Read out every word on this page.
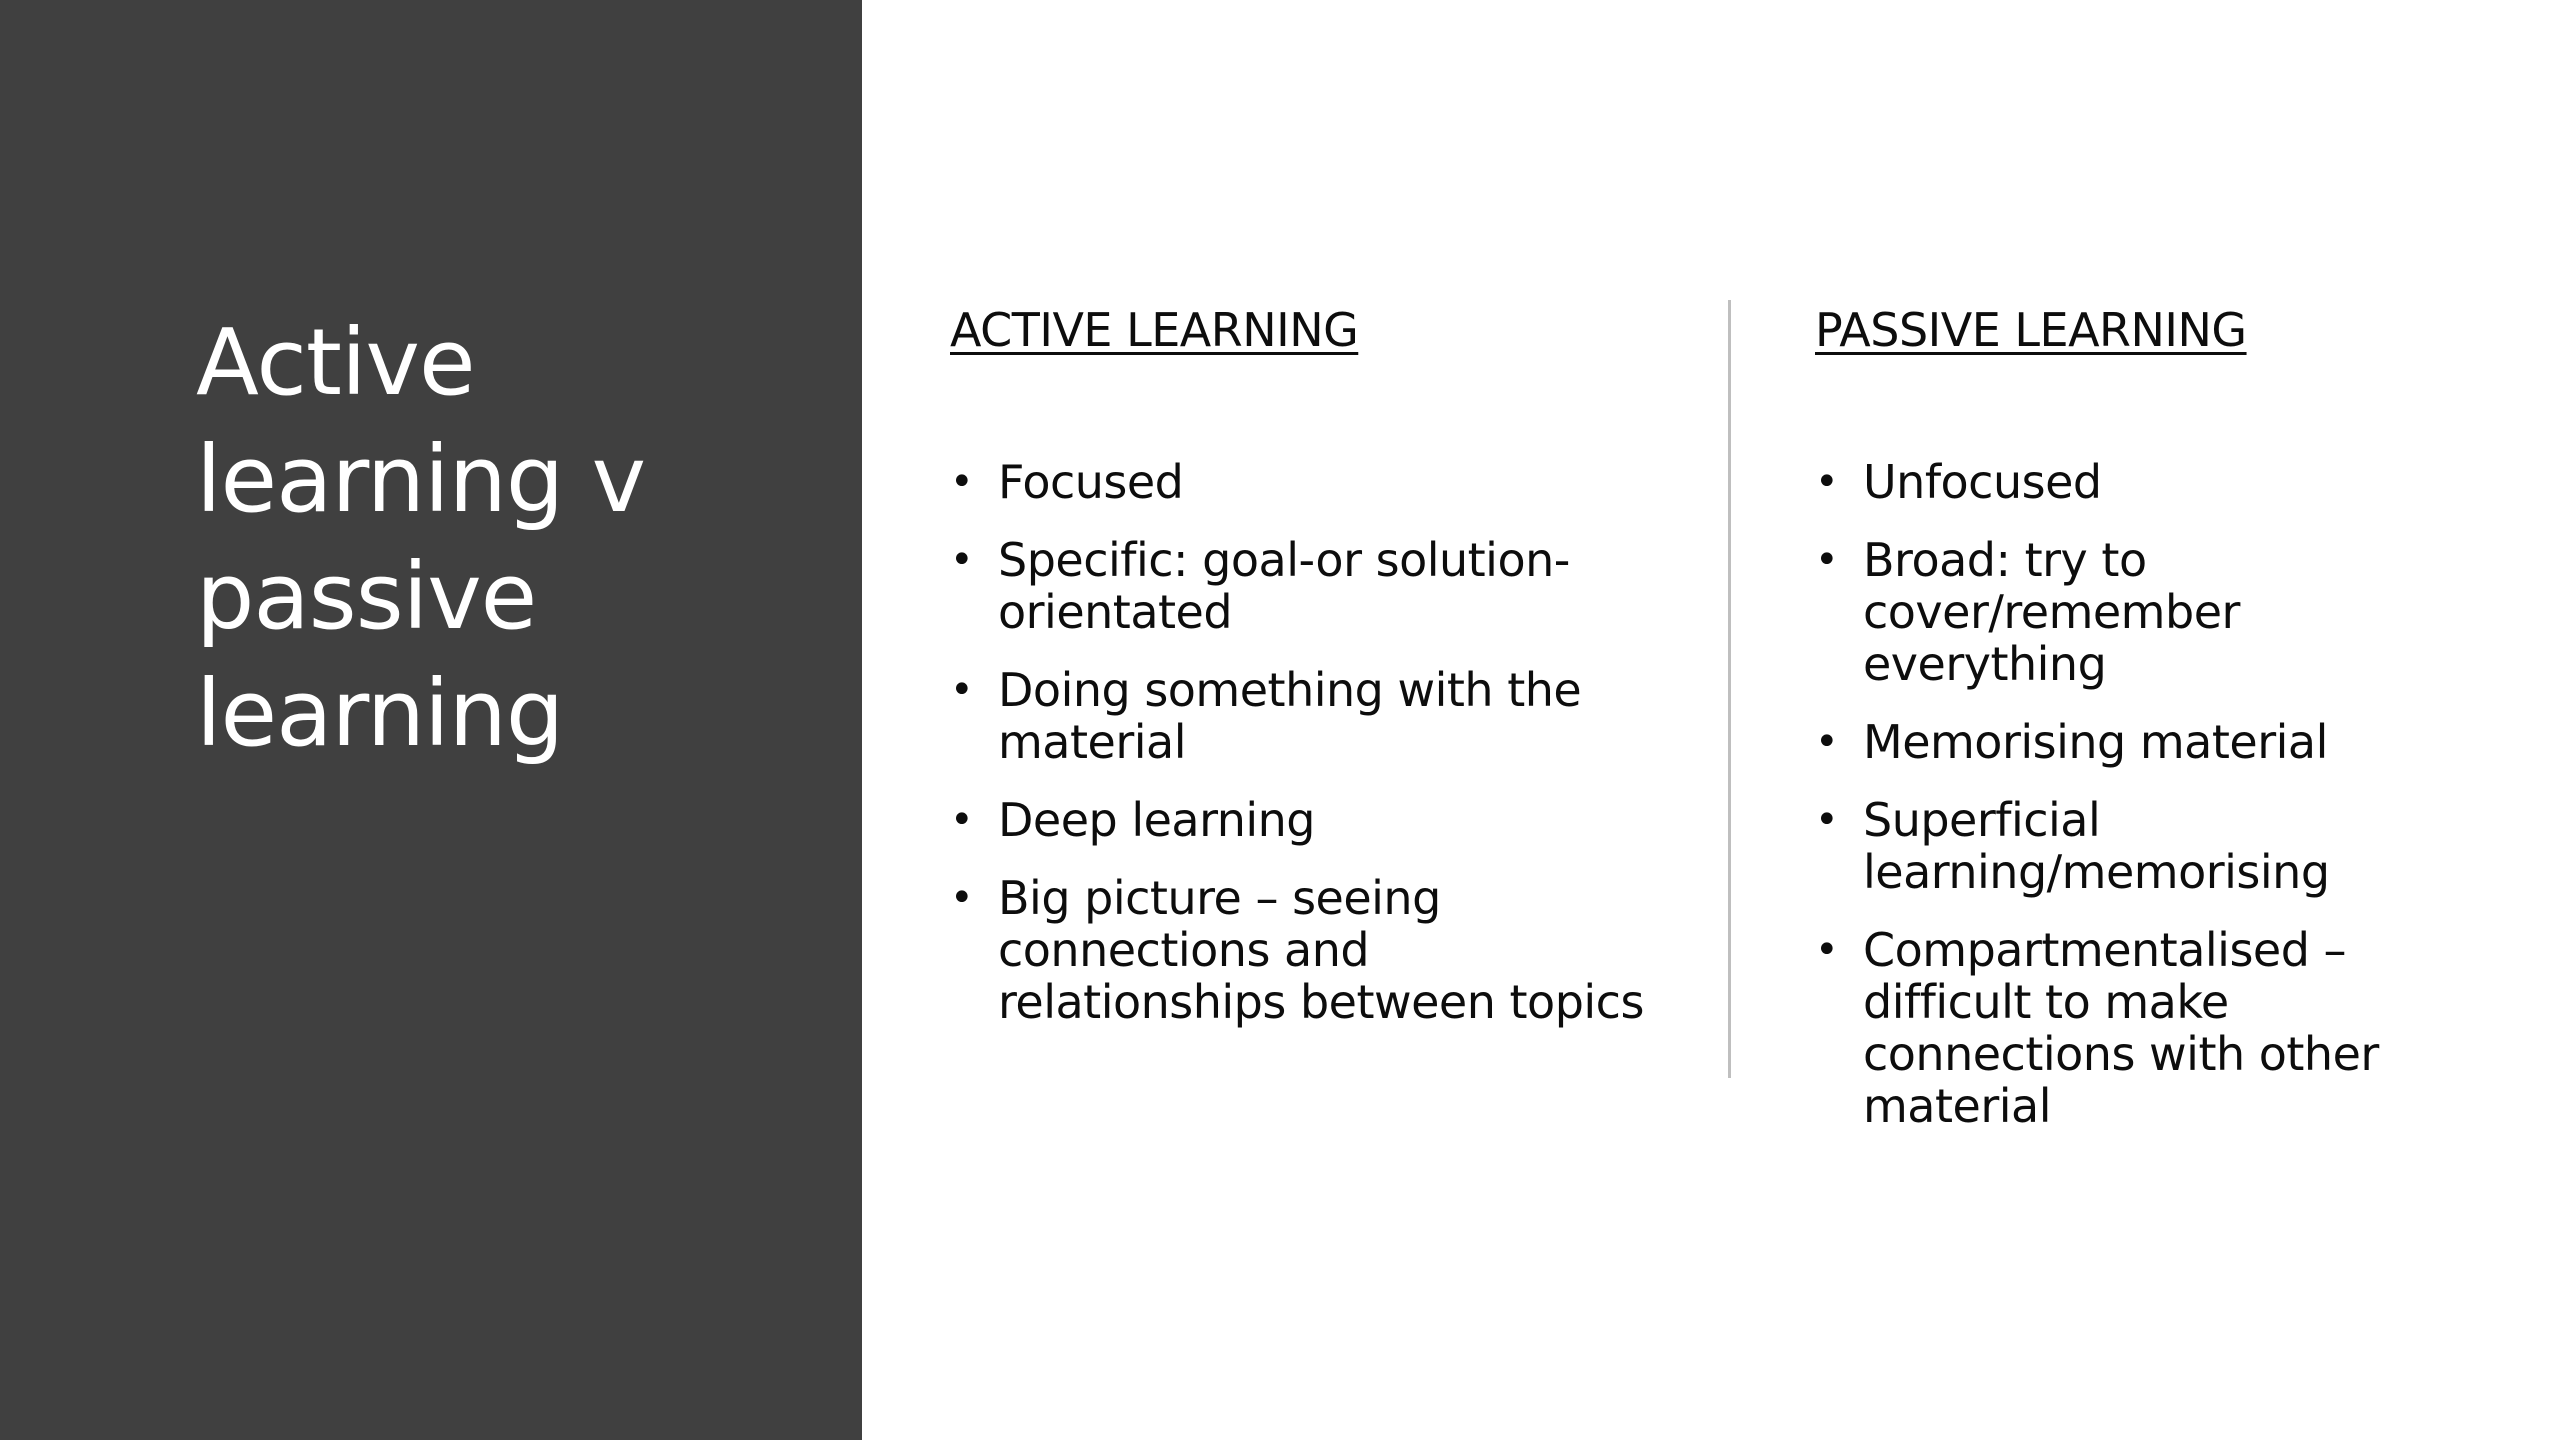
Active learning v passive learning
ACTIVE LEARNING
• Focused
• Specific: goal-or solution-orientated
• Doing something with the material
• Deep learning
• Big picture – seeing connections and relationships between topics
PASSIVE LEARNING
• Unfocused
• Broad: try to cover/remember everything
• Memorising material
• Superficial learning/memorising
• Compartmentalised – difficult to make connections with other material
